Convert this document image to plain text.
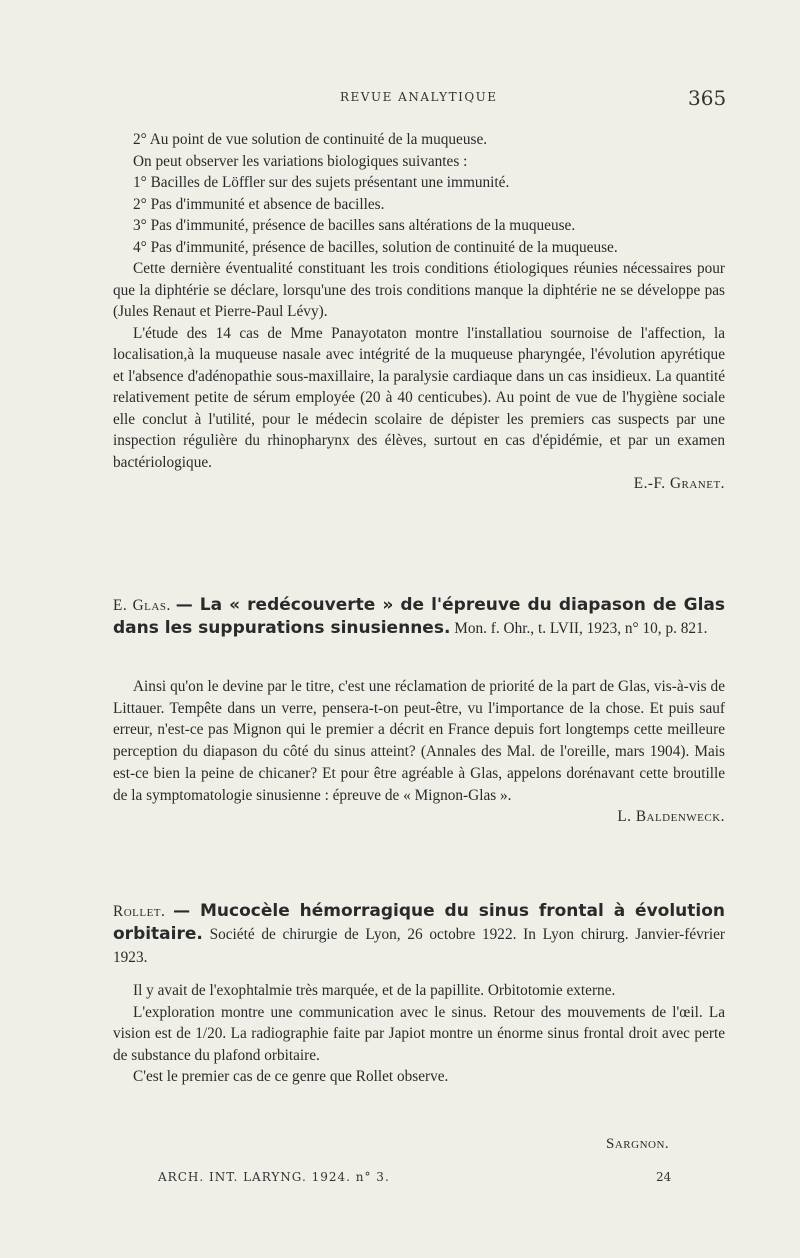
REVUE ANALYTIQUE	365

2° Au point de vue solution de continuité de la muqueuse.

On peut observer les variations biologiques suivantes :

1° Bacilles de Löffler sur des sujets présentant une immunité.

2° Pas d'immunité et absence de bacilles.

3° Pas d'immunité, présence de bacilles sans altérations de la muqueuse.

4° Pas d'immunité, présence de bacilles, solution de continuité de la muqueuse.

Cette dernière éventualité constituant les trois conditions étiologiques réunies nécessaires pour que la diphtérie se déclare, lorsqu'une des trois conditions manque la diphtérie ne se développe pas (Jules Renaut et Pierre-Paul Lévy).

L'étude des 14 cas de Mme Panayotaton montre l'installatiou sournoise de l'affection, la localisation,à la muqueuse nasale avec intégrité de la muqueuse pharyngée, l'évolution apyrétique et l'absence d'adénopathie sous-maxillaire, la paralysie cardiaque dans un cas insidieux. La quantité relativement petite de sérum employée (20 à 40 centicubes). Au point de vue de l'hygiène sociale elle conclut à l'utilité, pour le médecin scolaire de dépister les premiers cas suspects par une inspection régulière du rhinopharynx des élèves, surtout en cas d'épidémie, et par un examen bactériologique.

E.-F. Granet.

E. Glas. — La « redécouverte » de l'épreuve du diapason de Glas dans les suppurations sinusiennes. Mon. f. Ohr., t. LVII, 1923, n° 10, p. 821.

Ainsi qu'on le devine par le titre, c'est une réclamation de priorité de la part de Glas, vis-à-vis de Littauer. Tempête dans un verre, pensera-t-on peut-être, vu l'importance de la chose. Et puis sauf erreur, n'est-ce pas Mignon qui le premier a décrit en France depuis fort longtemps cette meilleure perception du diapason du côté du sinus atteint? (Annales des Mal. de l'oreille, mars 1904). Mais est-ce bien la peine de chicaner? Et pour être agréable à Glas, appelons dorénavant cette broutille de la symptomatologie sinusienne : épreuve de « Mignon-Glas ».

L. Baldenweck.

Rollet. — Mucocèle hémorragique du sinus frontal à évolution orbitaire. Société de chirurgie de Lyon, 26 octobre 1922. In Lyon chirurg. Janvier-février 1923.

Il y avait de l'exophtalmie très marquée, et de la papillite. Orbitotomie externe.

L'exploration montre une communication avec le sinus. Retour des mouvements de l'œil. La vision est de 1/20. La radiographie faite par Japiot montre un énorme sinus frontal droit avec perte de substance du plafond orbitaire.

C'est le premier cas de ce genre que Rollet observe.

Sargnon.
ARCH. INT. LARYNG. 1924. n° 3.	24
